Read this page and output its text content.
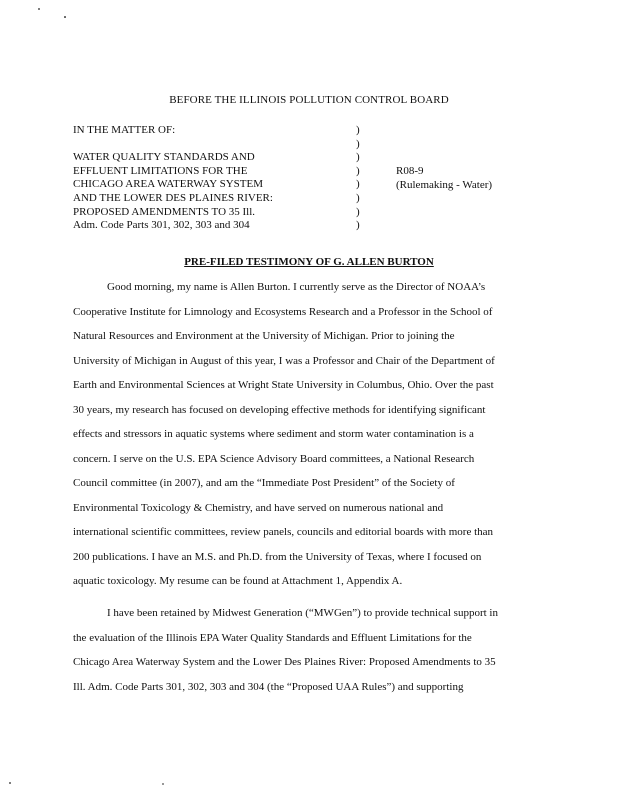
BEFORE THE ILLINOIS POLLUTION CONTROL BOARD
IN THE MATTER OF:
WATER QUALITY STANDARDS AND
EFFLUENT LIMITATIONS FOR THE
CHICAGO AREA WATERWAY SYSTEM
AND THE LOWER DES PLAINES RIVER:
PROPOSED AMENDMENTS TO 35 Ill.
Adm. Code Parts 301, 302, 303 and 304
)
)
)
)
)
)
)
)
R08-9
(Rulemaking - Water)
PRE-FILED TESTIMONY OF G. ALLEN BURTON
Good morning, my name is Allen Burton. I currently serve as the Director of NOAA’s
Cooperative Institute for Limnology and Ecosystems Research and a Professor in the School of
Natural Resources and Environment at the University of Michigan. Prior to joining the
University of Michigan in August of this year, I was a Professor and Chair of the Department of
Earth and Environmental Sciences at Wright State University in Columbus, Ohio. Over the past
30 years, my research has focused on developing effective methods for identifying significant
effects and stressors in aquatic systems where sediment and storm water contamination is a
concern. I serve on the U.S. EPA Science Advisory Board committees, a National Research
Council committee (in 2007), and am the “Immediate Post President” of the Society of
Environmental Toxicology & Chemistry, and have served on numerous national and
international scientific committees, review panels, councils and editorial boards with more than
200 publications. I have an M.S. and Ph.D. from the University of Texas, where I focused on
aquatic toxicology. My resume can be found at Attachment 1, Appendix A.
I have been retained by Midwest Generation (“MWGen”) to provide technical support in
the evaluation of the Illinois EPA Water Quality Standards and Effluent Limitations for the
Chicago Area Waterway System and the Lower Des Plaines River: Proposed Amendments to 35
Ill. Adm. Code Parts 301, 302, 303 and 304 (the “Proposed UAA Rules”) and supporting
